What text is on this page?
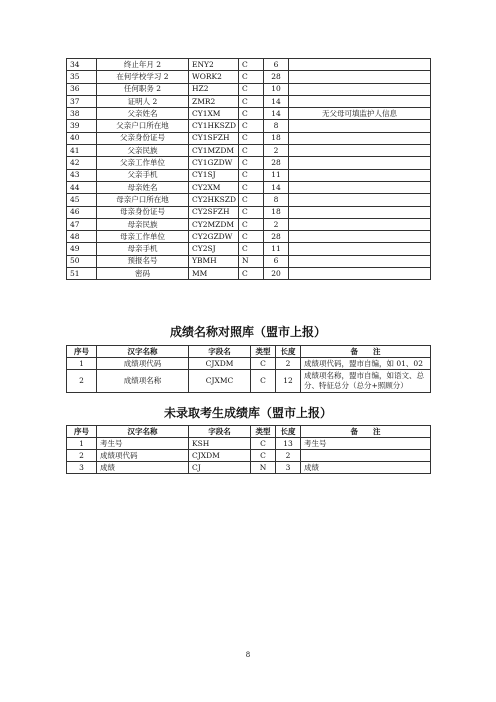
34	终止年月 2	ENY2	C	6	
35	在何学校学习 2	WORK2	C	28	
36	任何职务 2	HZ2	C	10	
37	证明人 2	ZMR2	C	14	
38	父亲姓名	CY1XM	C	14	无父母可填监护人信息
39	父亲户口所在地	CY1HKSZD	C	8	
40	父亲身份证号	CY1SFZH	C	18	
41	父亲民族	CY1MZDM	C	2	
42	父亲工作单位	CY1GZDW	C	28	
43	父亲手机	CY1SJ	C	11	
44	母亲姓名	CY2XM	C	14	
45	母亲户口所在地	CY2HKSZD	C	8	
46	母亲身份证号	CY2SFZH	C	18	
47	母亲民族	CY2MZDM	C	2	
48	母亲工作单位	CY2GZDW	C	28	
49	母亲手机	CY2SJ	C	11	
50	预报名号	YBMH	N	6	
51	密码	MM	C	20	
成绩名称对照库（盟市上报）
序号	汉字名称	字段名	类型	长度	备　　注
1	成绩项代码	CJXDM	C	2	成绩项代码，盟市自编，如 01、02
2	成绩项名称	CJXMC	C	12	成绩项名称，盟市自编，如语文、总分、特征总分（总分+照顾分）
未录取考生成绩库（盟市上报）
序号	汉字名称	字段名	类型	长度	备　　注
1	考生号	KSH	C	13	考生号
2	成绩项代码	CJXDM	C	2	
3	成绩	CJ	N	3	成绩
8
